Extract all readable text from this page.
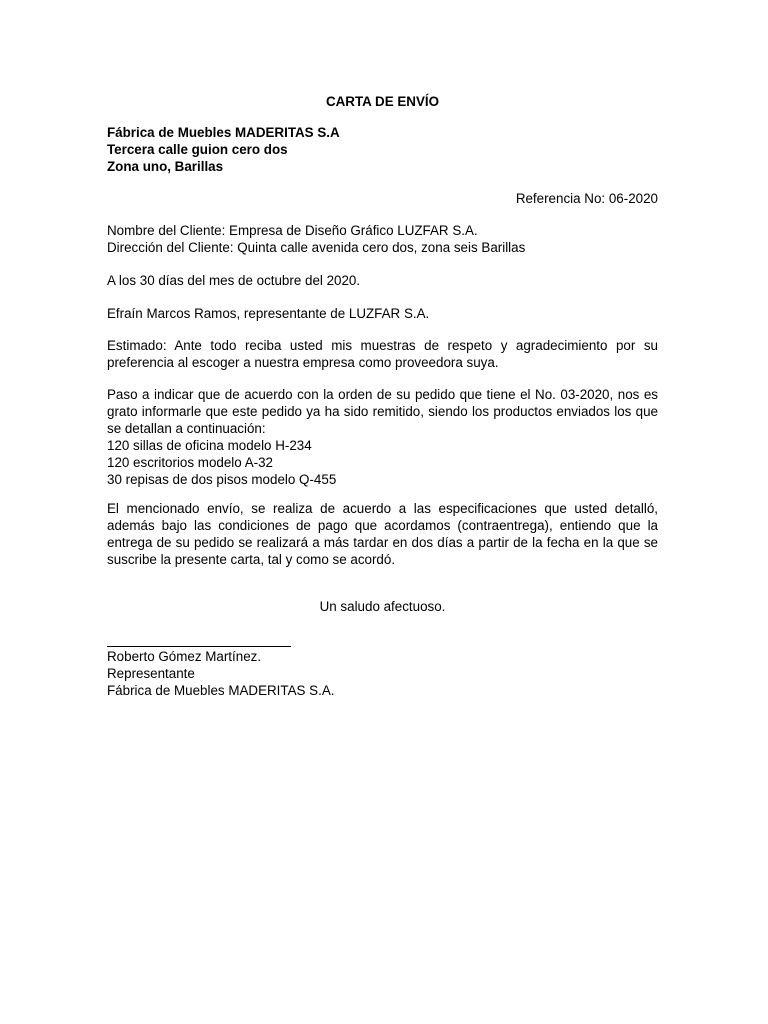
CARTA DE ENVÍO
Fábrica de Muebles MADERITAS S.A
Tercera calle guion cero dos
Zona uno, Barillas
Referencia No: 06-2020
Nombre del Cliente: Empresa de Diseño Gráfico LUZFAR S.A.
Dirección del Cliente: Quinta calle avenida cero dos, zona seis Barillas
A los 30 días del mes de octubre del 2020.
Efraín Marcos Ramos, representante de LUZFAR S.A.
Estimado: Ante todo reciba usted mis muestras de respeto y agradecimiento por su preferencia al escoger a nuestra empresa como proveedora suya.
Paso a indicar que de acuerdo con la orden de su pedido que tiene el No. 03-2020, nos es grato informarle que este pedido ya ha sido remitido, siendo los productos enviados los que se detallan a continuación:
120 sillas de oficina modelo H-234
120 escritorios modelo A-32
30 repisas de dos pisos modelo Q-455
El mencionado envío, se realiza de acuerdo a las especificaciones que usted detalló, además bajo las condiciones de pago que acordamos (contraentrega), entiendo que la entrega de su pedido se realizará a más tardar en dos días a partir de la fecha en la que se suscribe la presente carta, tal y como se acordó.
Un saludo afectuoso.
Roberto Gómez Martínez.
Representante
Fábrica de Muebles MADERITAS S.A.
